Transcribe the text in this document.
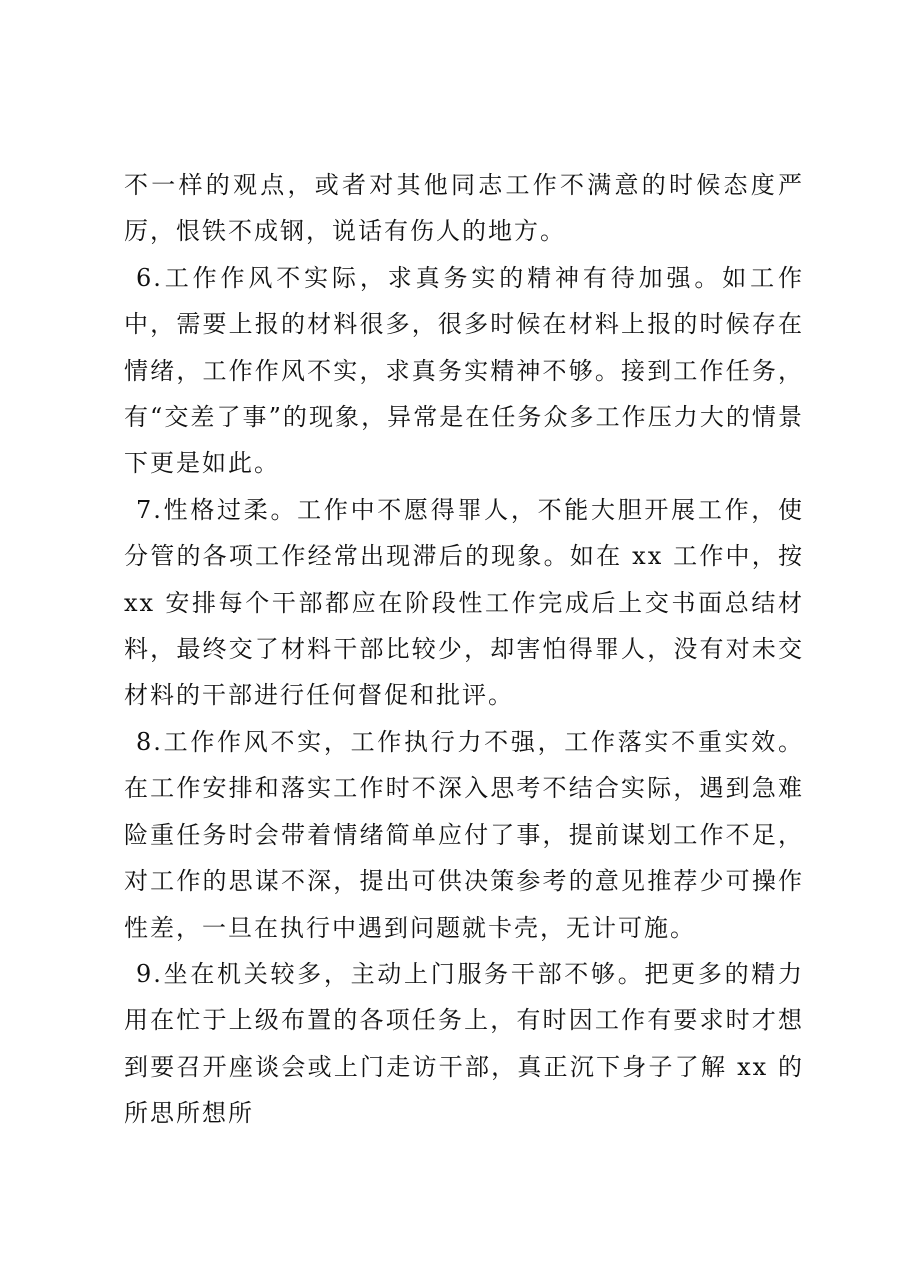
不一样的观点，或者对其他同志工作不满意的时候态度严厉，恨铁不成钢，说话有伤人的地方。

6.工作作风不实际，求真务实的精神有待加强。如工作中，需要上报的材料很多，很多时候在材料上报的时候存在情绪，工作作风不实，求真务实精神不够。接到工作任务，有“交差了事”的现象，异常是在任务众多工作压力大的情景下更是如此。

7.性格过柔。工作中不愿得罪人，不能大胆开展工作，使分管的各项工作经常出现滞后的现象。如在 xx 工作中，按 xx 安排每个干部都应在阶段性工作完成后上交书面总结材料，最终交了材料干部比较少，却害怕得罪人，没有对未交材料的干部进行任何督促和批评。

8.工作作风不实，工作执行力不强，工作落实不重实效。在工作安排和落实工作时不深入思考不结合实际，遇到急难险重任务时会带着情绪简单应付了事，提前谋划工作不足，对工作的思谋不深，提出可供决策参考的意见推荐少可操作性差，一旦在执行中遇到问题就卡壳，无计可施。

9.坐在机关较多，主动上门服务干部不够。把更多的精力用在忙于上级布置的各项任务上，有时因工作有要求时才想到要召开座谈会或上门走访干部，真正沉下身子了解 xx 的所思所想所
